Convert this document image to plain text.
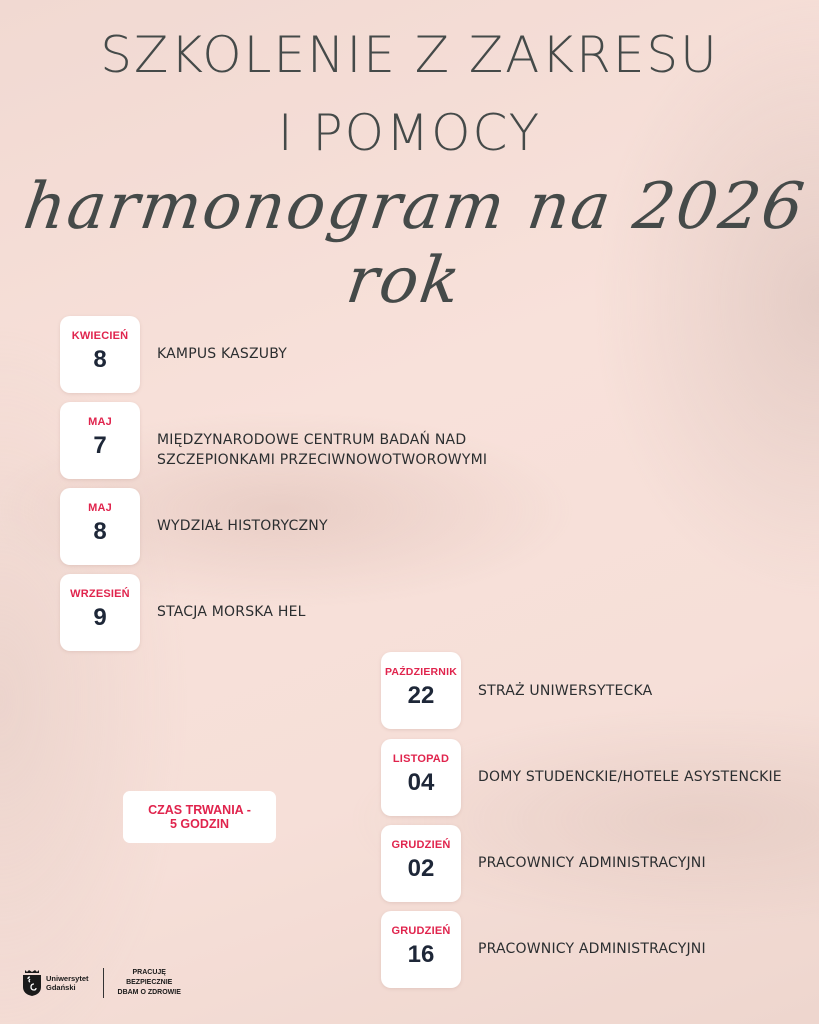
SZKOLENIE Z ZAKRESU
I POMOCY
harmonogram na 2026 rok
KWIECIEŃ
8	KAMPUS KASZUBY
MAJ
7	MIĘDZYNARODOWE CENTRUM BADAŃ NAD
SZCZEPIONKAMI PRZECIWNOWOTWOROWYMI
MAJ
8	WYDZIAŁ HISTORYCZNY
WRZESIEŃ
9	STACJA MORSKA HEL
PAŹDZIERNIK
22	STRAŻ UNIWERSYTECKA
LISTOPAD
04	DOMY STUDENCKIE/HOTELE ASYSTENCKIE
GRUDZIEŃ
02	PRACOWNICY ADMINISTRACYJNI
GRUDZIEŃ
16	PRACOWNICY ADMINISTRACYJNI
CZAS TRWANIA -
5 GODZIN
Uniwersytet
Gdański
PRACUJĘ
BEZPIECZNIE
DBAM O ZDROWIE
